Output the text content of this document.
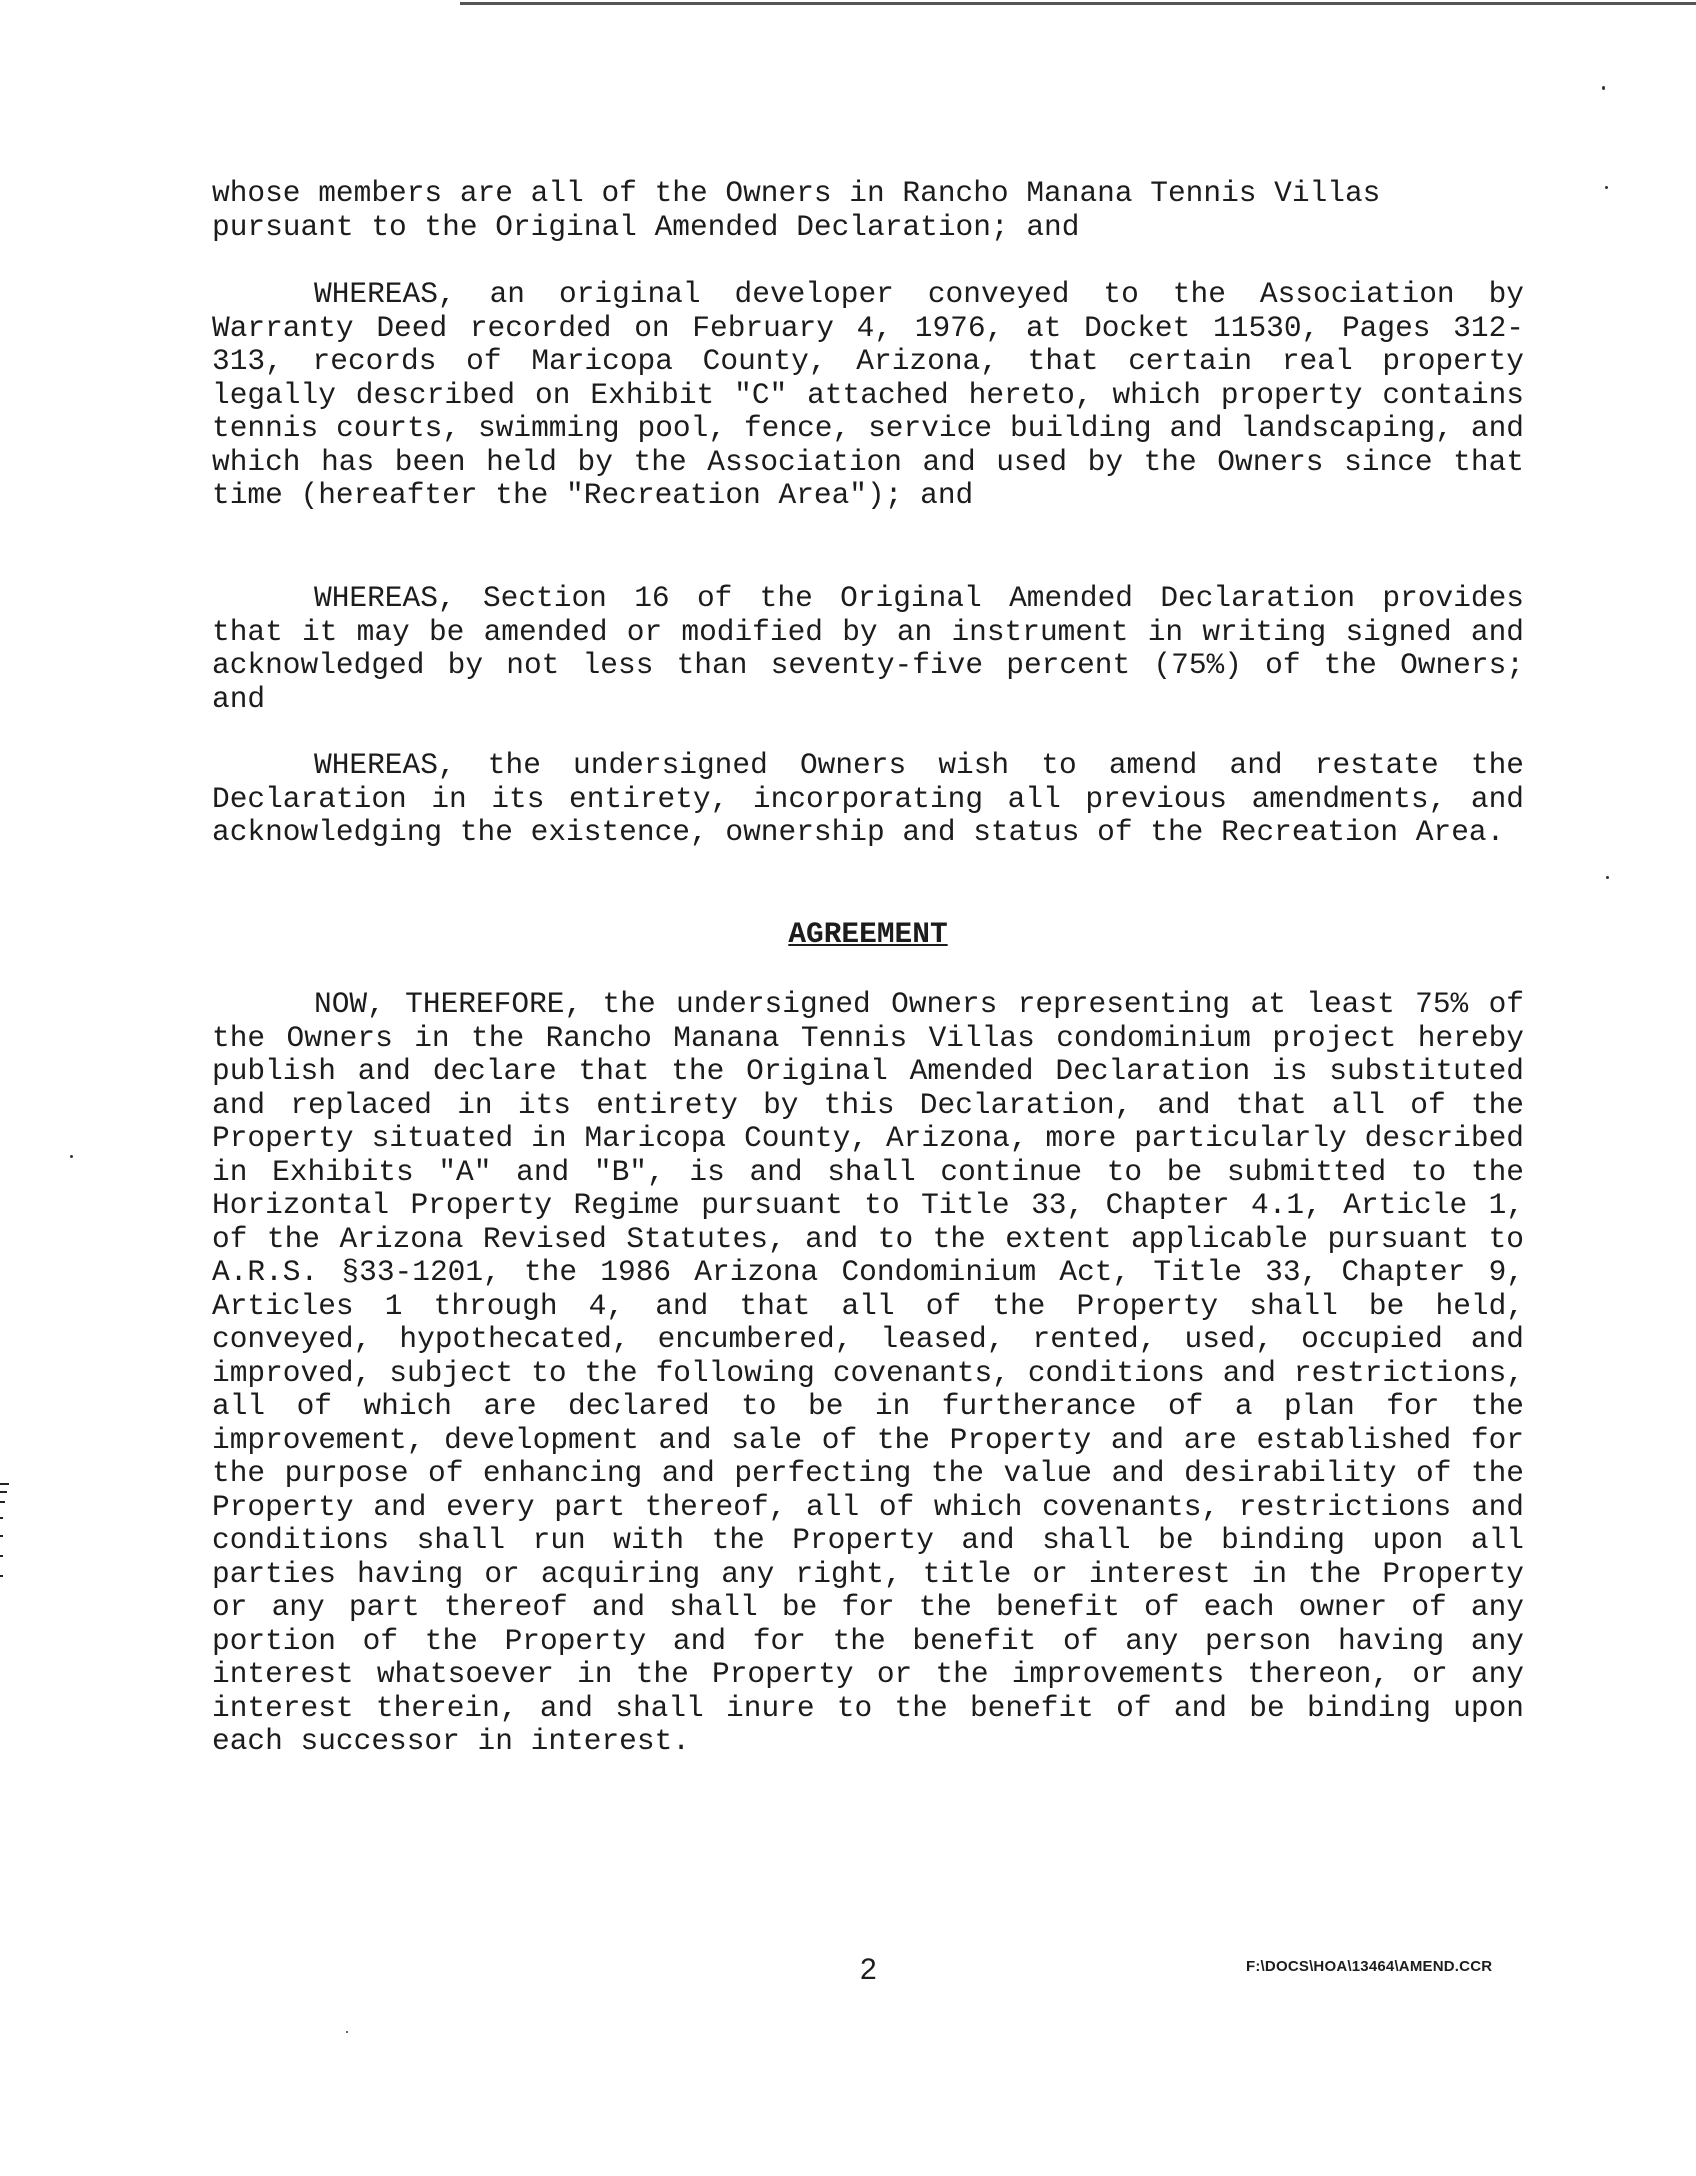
whose members are all of the Owners in Rancho Manana Tennis Villas pursuant to the Original Amended Declaration; and

WHEREAS, an original developer conveyed to the Association by Warranty Deed recorded on February 4, 1976, at Docket 11530, Pages 312-313, records of Maricopa County, Arizona, that certain real property legally described on Exhibit "C" attached hereto, which property contains tennis courts, swimming pool, fence, service building and landscaping, and which has been held by the Association and used by the Owners since that time (hereafter the "Recreation Area"); and

WHEREAS, Section 16 of the Original Amended Declaration provides that it may be amended or modified by an instrument in writing signed and acknowledged by not less than seventy-five percent (75%) of the Owners; and

WHEREAS, the undersigned Owners wish to amend and restate the Declaration in its entirety, incorporating all previous amendments, and acknowledging the existence, ownership and status of the Recreation Area.

AGREEMENT

NOW, THEREFORE, the undersigned Owners representing at least 75% of the Owners in the Rancho Manana Tennis Villas condominium project hereby publish and declare that the Original Amended Declaration is substituted and replaced in its entirety by this Declaration, and that all of the Property situated in Maricopa County, Arizona, more particularly described in Exhibits "A" and "B", is and shall continue to be submitted to the Horizontal Property Regime pursuant to Title 33, Chapter 4.1, Article 1, of the Arizona Revised Statutes, and to the extent applicable pursuant to A.R.S. §33-1201, the 1986 Arizona Condominium Act, Title 33, Chapter 9, Articles 1 through 4, and that all of the Property shall be held, conveyed, hypothecated, encumbered, leased, rented, used, occupied and improved, subject to the following covenants, conditions and restrictions, all of which are declared to be in furtherance of a plan for the improvement, development and sale of the Property and are established for the purpose of enhancing and perfecting the value and desirability of the Property and every part thereof, all of which covenants, restrictions and conditions shall run with the Property and shall be binding upon all parties having or acquiring any right, title or interest in the Property or any part thereof and shall be for the benefit of each owner of any portion of the Property and for the benefit of any person having any interest whatsoever in the Property or the improvements thereon, or any interest therein, and shall inure to the benefit of and be binding upon each successor in interest.

2	F:\DOCS\HOA\13464\AMEND.CCR
